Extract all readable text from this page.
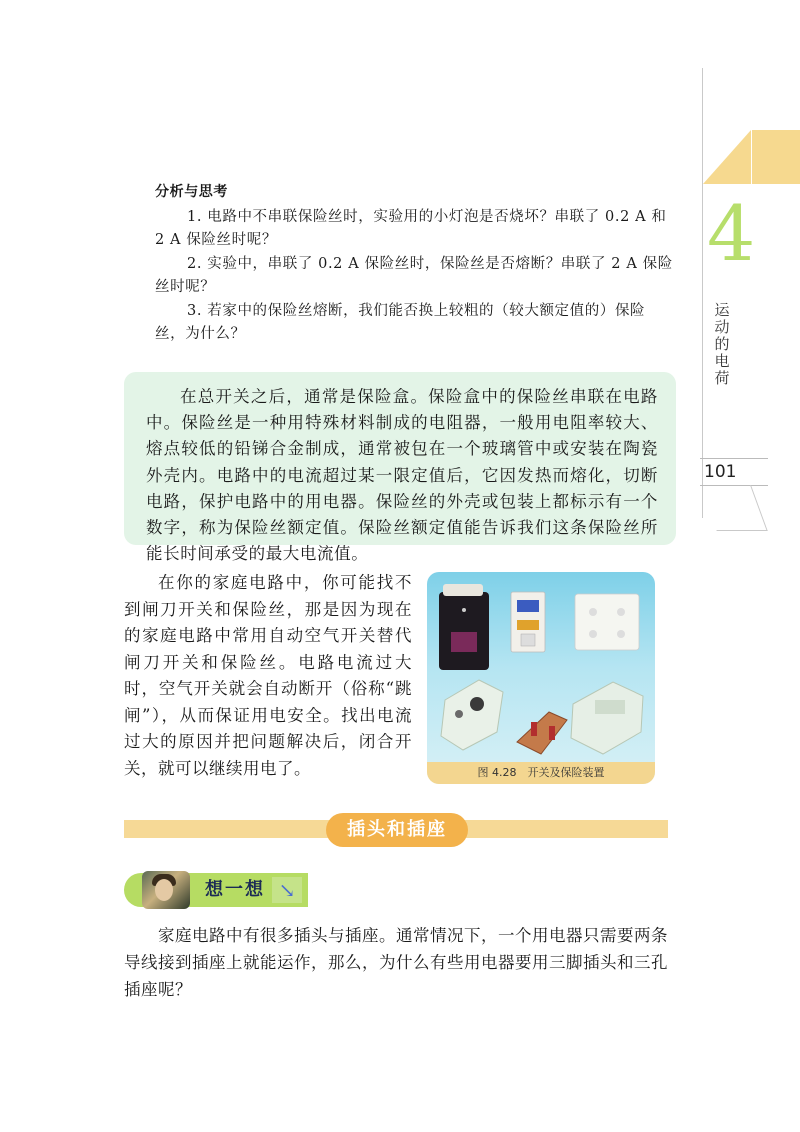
4
运动的电荷
101
分析与思考

1. 电路中不串联保险丝时，实验用的小灯泡是否烧坏？串联了 0.2 A 和 2 A 保险丝时呢？

2. 实验中，串联了 0.2 A 保险丝时，保险丝是否熔断？串联了 2 A 保险丝时呢？

3. 若家中的保险丝熔断，我们能否换上较粗的（较大额定值的）保险丝，为什么？

在总开关之后，通常是保险盒。保险盒中的保险丝串联在电路中。保险丝是一种用特殊材料制成的电阻器，一般用电阻率较大、熔点较低的铅锑合金制成，通常被包在一个玻璃管中或安装在陶瓷外壳内。电路中的电流超过某一限定值后，它因发热而熔化，切断电路，保护电路中的用电器。保险丝的外壳或包装上都标示有一个数字，称为保险丝额定值。保险丝额定值能告诉我们这条保险丝所能长时间承受的最大电流值。

在你的家庭电路中，你可能找不到闸刀开关和保险丝，那是因为现在的家庭电路中常用自动空气开关替代闸刀开关和保险丝。电路电流过大时，空气开关就会自动断开（俗称“跳闸”），从而保证用电安全。找出电流过大的原因并把问题解决后，闭合开关，就可以继续用电了。	图 4.28　开关及保险装置
插头和插座
想一想 ↘

家庭电路中有很多插头与插座。通常情况下，一个用电器只需要两条导线接到插座上就能运作，那么，为什么有些用电器要用三脚插头和三孔插座呢？
